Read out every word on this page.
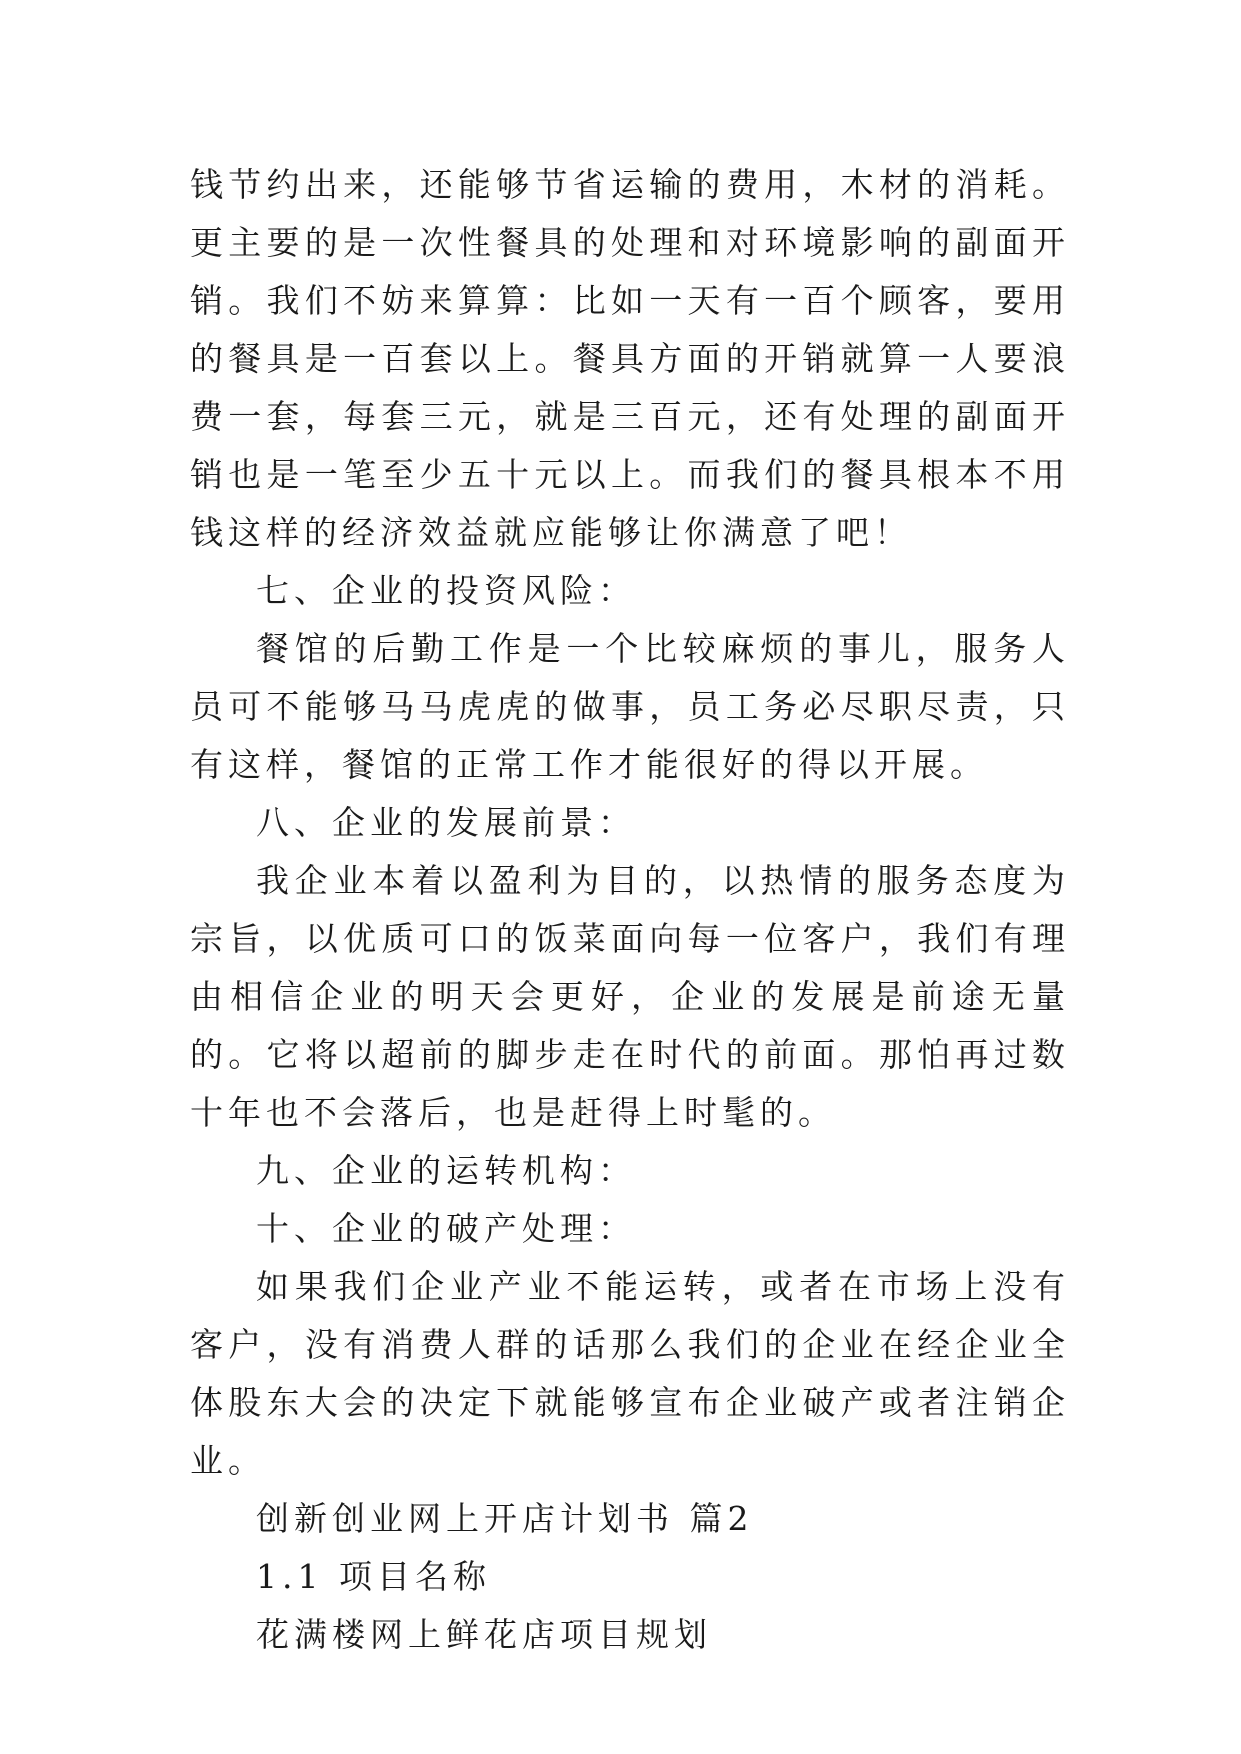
钱节约出来，还能够节省运输的费用，木材的消耗。更主要的是一次性餐具的处理和对环境影响的副面开销。我们不妨来算算：比如一天有一百个顾客，要用的餐具是一百套以上。餐具方面的开销就算一人要浪费一套，每套三元，就是三百元，还有处理的副面开销也是一笔至少五十元以上。而我们的餐具根本不用钱这样的经济效益就应能够让你满意了吧！

七、企业的投资风险：

餐馆的后勤工作是一个比较麻烦的事儿，服务人员可不能够马马虎虎的做事，员工务必尽职尽责，只有这样，餐馆的正常工作才能很好的得以开展。

八、企业的发展前景：

我企业本着以盈利为目的，以热情的服务态度为宗旨，以优质可口的饭菜面向每一位客户，我们有理由相信企业的明天会更好，企业的发展是前途无量的。它将以超前的脚步走在时代的前面。那怕再过数十年也不会落后，也是赶得上时髦的。

九、企业的运转机构：

十、企业的破产处理：

如果我们企业产业不能运转，或者在市场上没有客户，没有消费人群的话那么我们的企业在经企业全体股东大会的决定下就能够宣布企业破产或者注销企业。

创新创业网上开店计划书 篇2

1.1 项目名称

花满楼网上鲜花店项目规划
